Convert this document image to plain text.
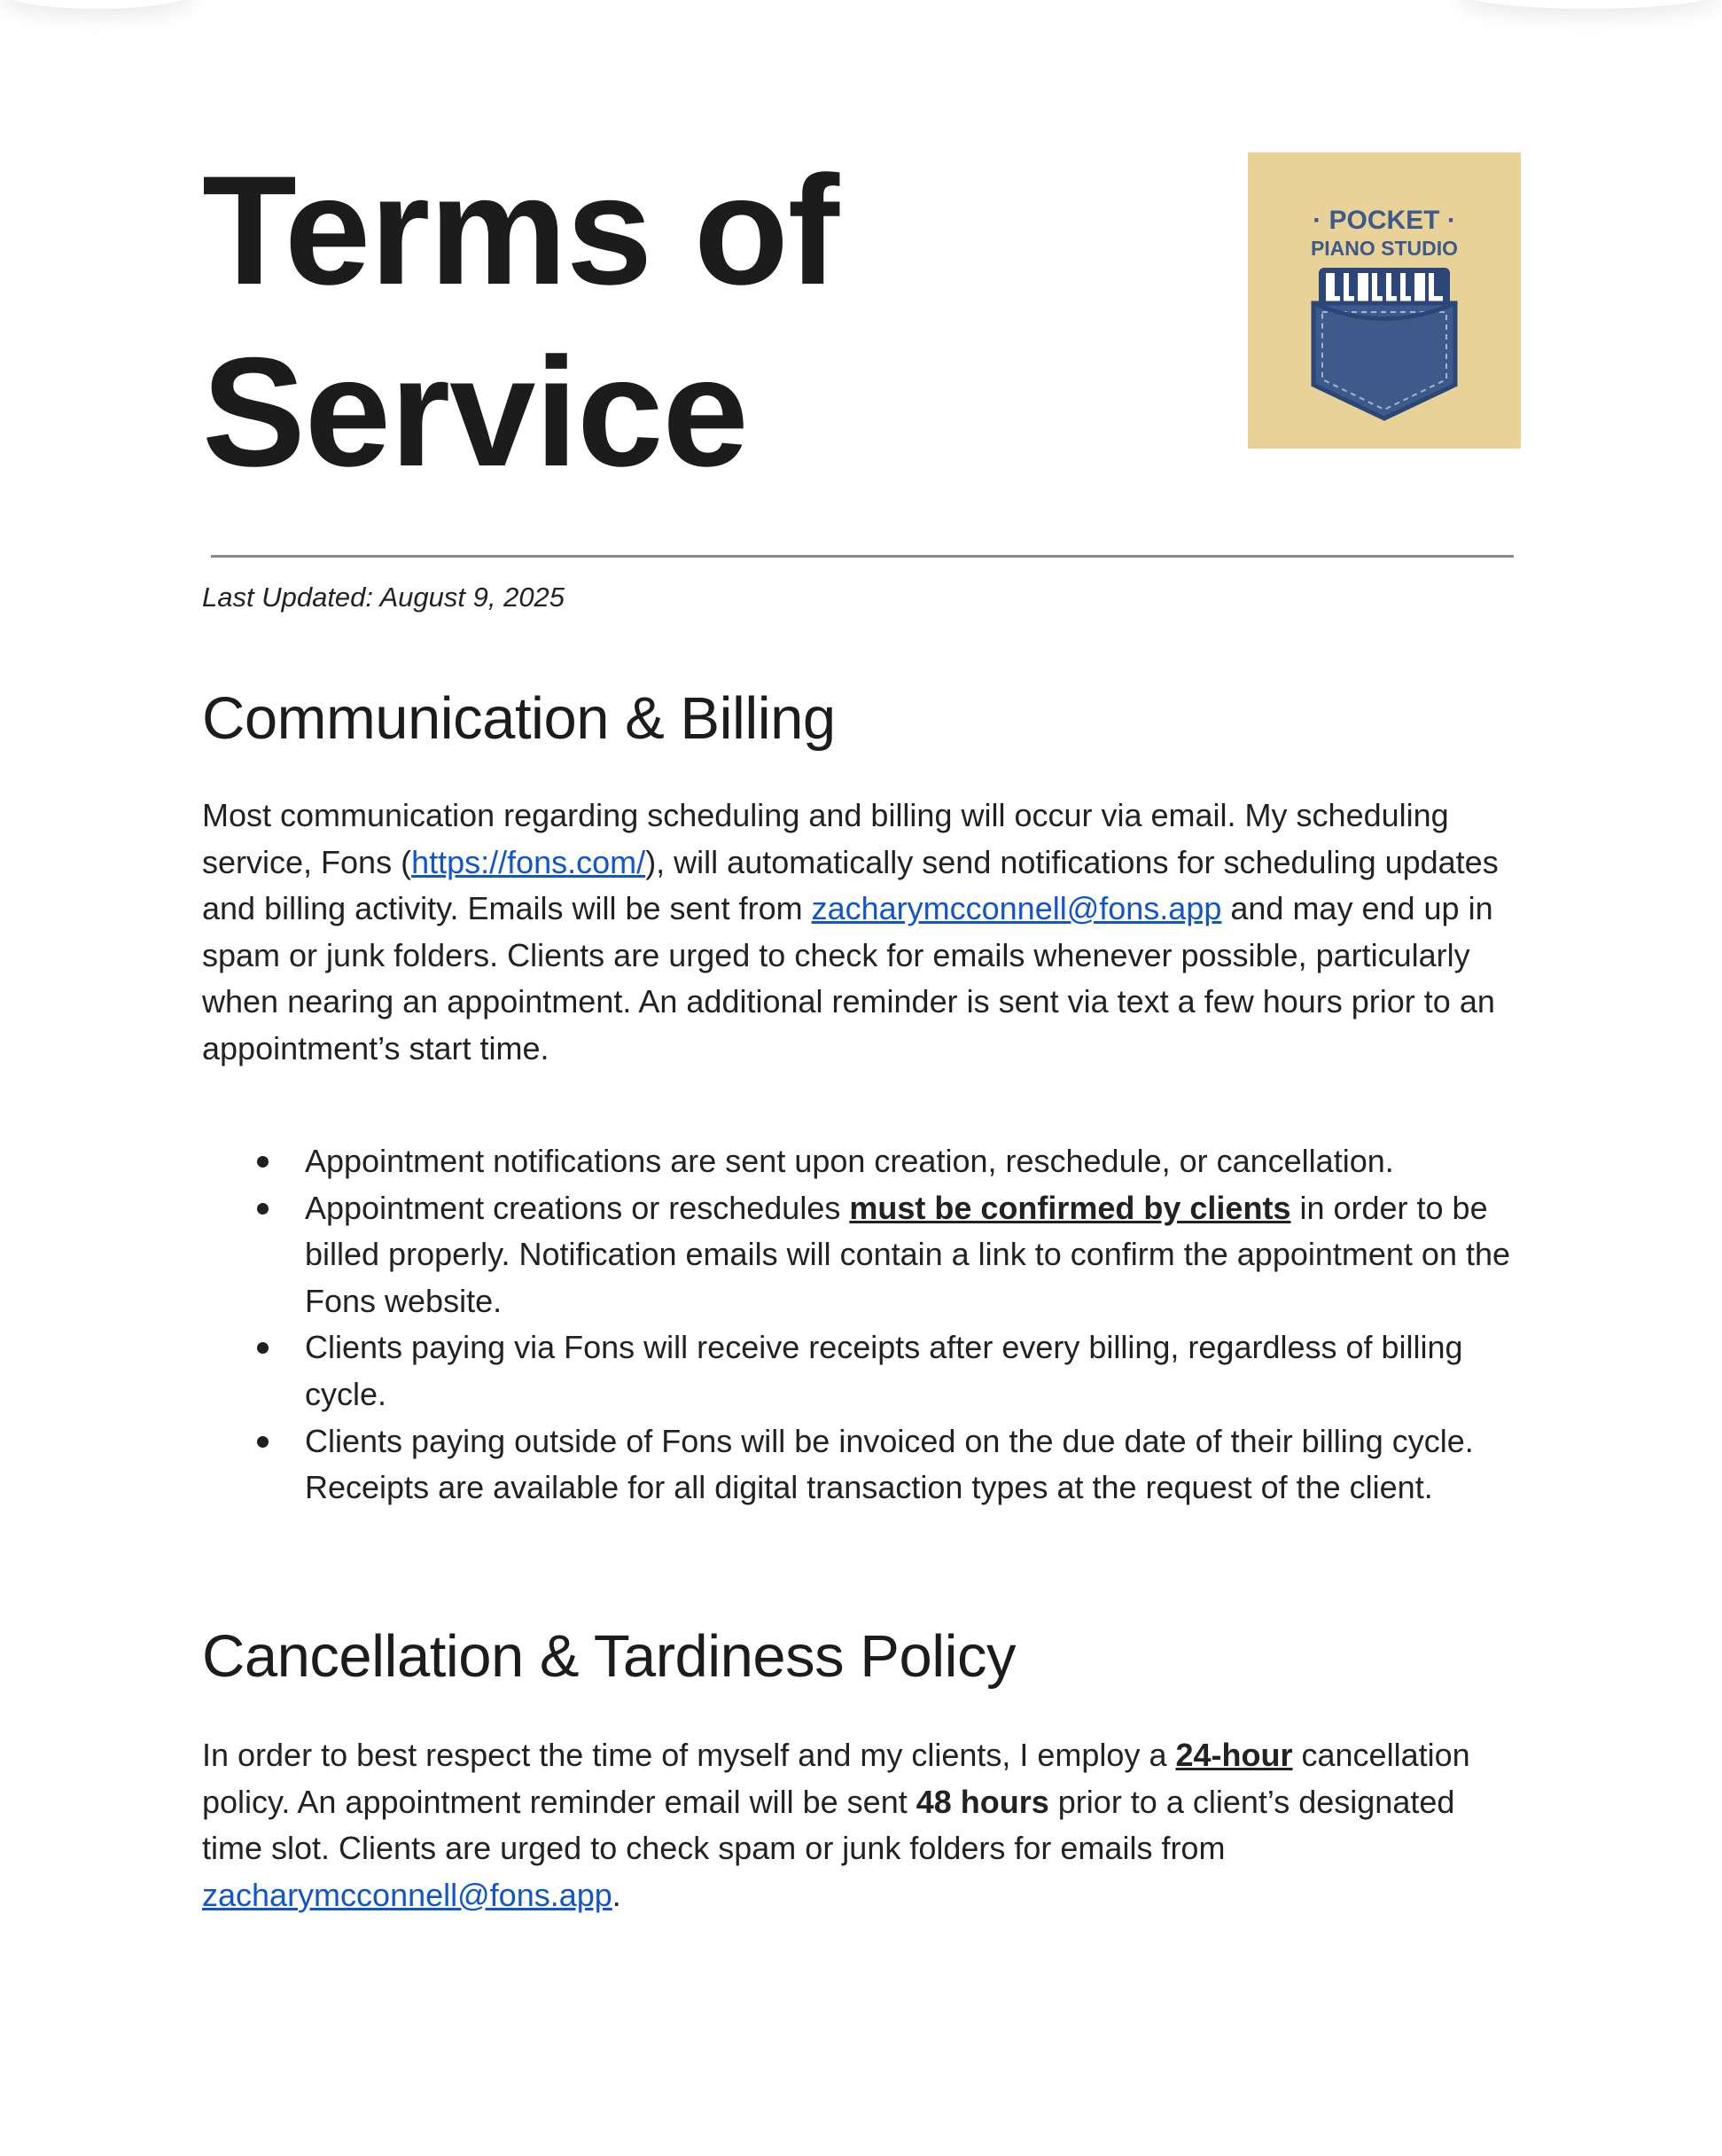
Terms of
Service
· POCKET ·
PIANO STUDIO
Last Updated: August 9, 2025
Communication & Billing

Most communication regarding scheduling and billing will occur via email. My scheduling service, Fons (https://fons.com/), will automatically send notifications for scheduling updates and billing activity. Emails will be sent from zacharymcconnell@fons.app and may end up in spam or junk folders. Clients are urged to check for emails whenever possible, particularly when nearing an appointment. An additional reminder is sent via text a few hours prior to an appointment’s start time.

Appointment notifications are sent upon creation, reschedule, or cancellation.
Appointment creations or reschedules must be confirmed by clients in order to be billed properly. Notification emails will contain a link to confirm the appointment on the Fons website.
Clients paying via Fons will receive receipts after every billing, regardless of billing cycle.
Clients paying outside of Fons will be invoiced on the due date of their billing cycle. Receipts are available for all digital transaction types at the request of the client.
Cancellation & Tardiness Policy

In order to best respect the time of myself and my clients, I employ a 24-hour cancellation policy. An appointment reminder email will be sent 48 hours prior to a client’s designated time slot. Clients are urged to check spam or junk folders for emails from zacharymcconnell@fons.app.
